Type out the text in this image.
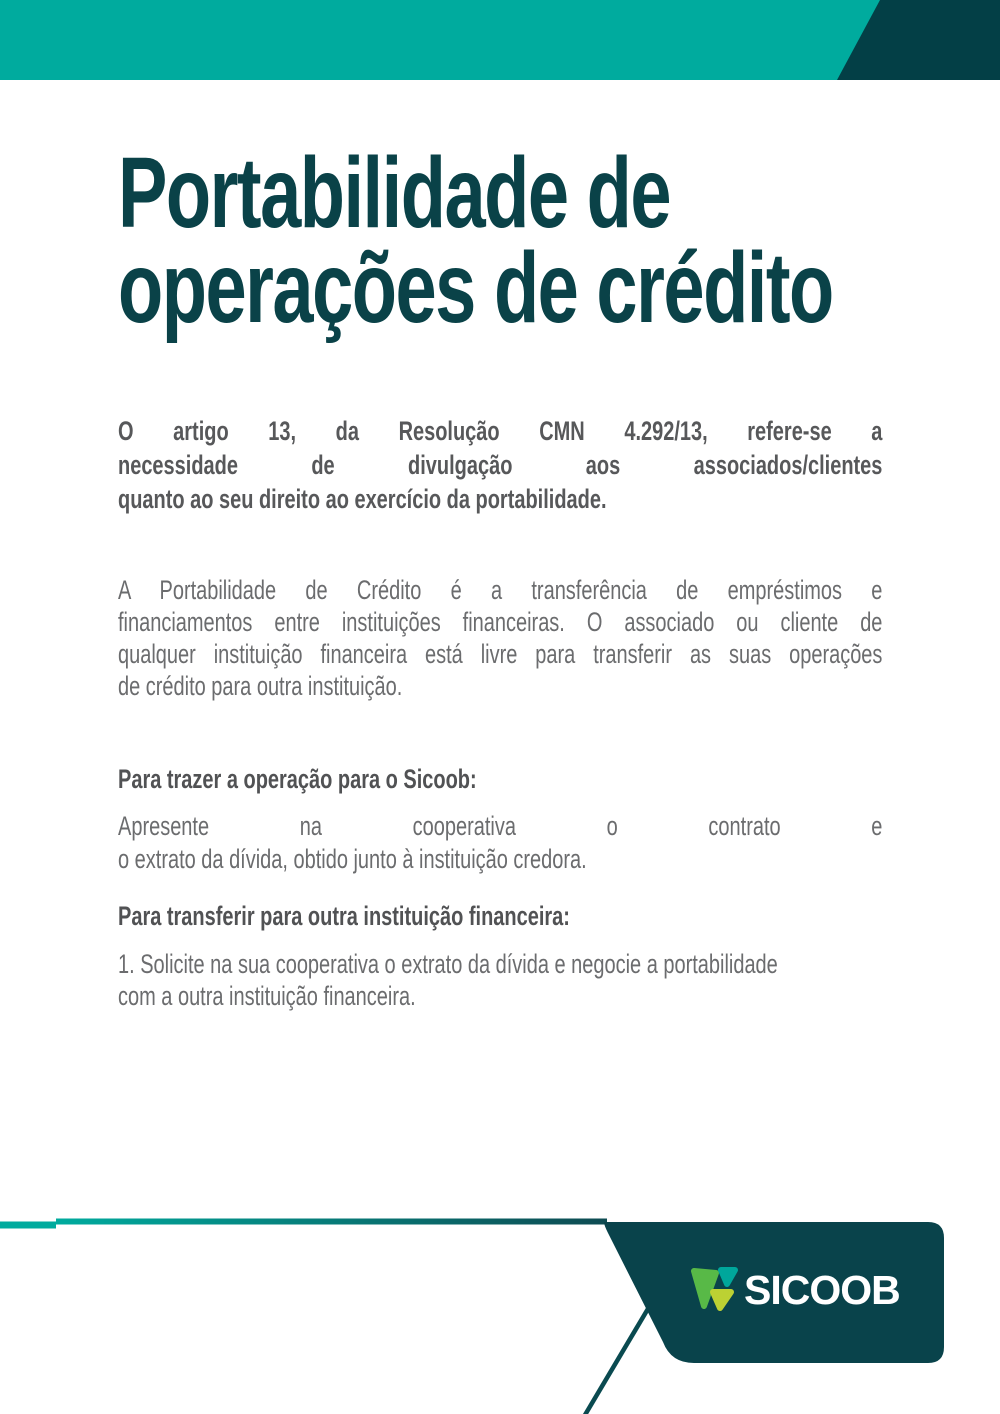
Portabilidade de
operações de crédito
O artigo 13, da Resolução CMN 4.292/13, refere-se a
necessidade de divulgação aos associados/clientes
quanto ao seu direito ao exercício da portabilidade.
A Portabilidade de Crédito é a transferência de empréstimos e
financiamentos entre instituições financeiras. O associado ou cliente de
qualquer instituição financeira está livre para transferir as suas operações
de crédito para outra instituição.
Para trazer a operação para o Sicoob:
Apresente na cooperativa o contrato e
o extrato da dívida, obtido junto à instituição credora.
Para transferir para outra instituição financeira:
1. Solicite na sua cooperativa o extrato da dívida e negocie a portabilidade
com a outra instituição financeira.
SICOOB
